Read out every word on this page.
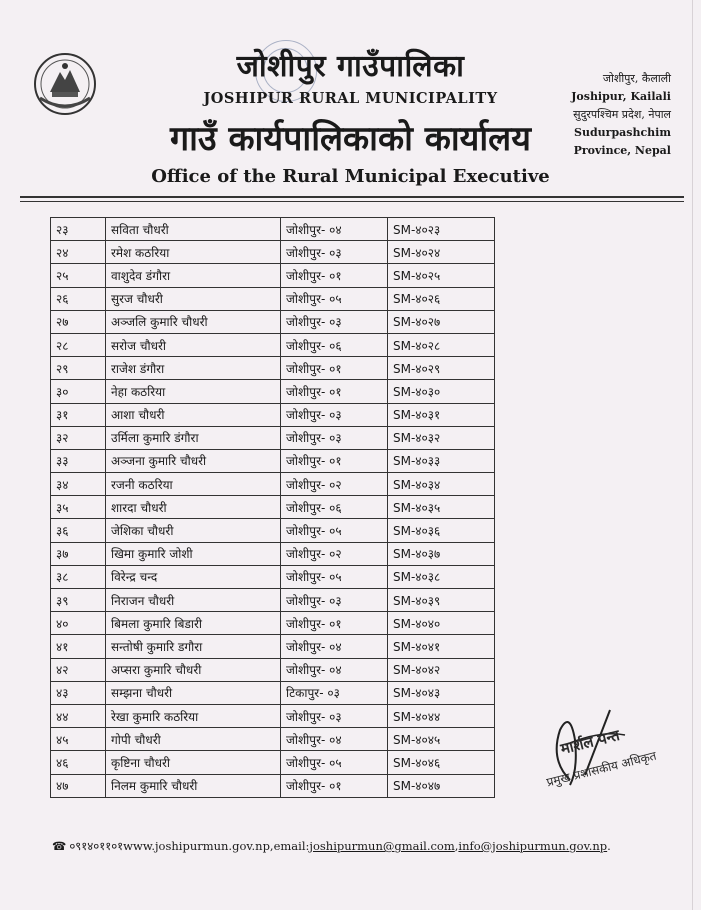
जोशीपुर गाउँपालिका
JOSHIPUR RURAL MUNICIPALITY
गाउँ कार्यपालिकाको कार्यालय
Office of the Rural Municipal Executive
जोशीपुर, कैलाली
Joshipur, Kailali
सुदुरपश्चिम प्रदेश, नेपाल
Sudurpashchim
Province, Nepal
२३	सविता चौधरी	जोशीपुर- ०४	SM-४०२३
२४	रमेश कठरिया	जोशीपुर- ०३	SM-४०२४
२५	वाशुदेव डंगौरा	जोशीपुर- ०१	SM-४०२५
२६	सुरज चौधरी	जोशीपुर- ०५	SM-४०२६
२७	अञ्जलि कुमारि चौधरी	जोशीपुर- ०३	SM-४०२७
२८	सरोज चौधरी	जोशीपुर- ०६	SM-४०२८
२९	राजेश डंगौरा	जोशीपुर- ०१	SM-४०२९
३०	नेहा कठरिया	जोशीपुर- ०१	SM-४०३०
३१	आशा चौधरी	जोशीपुर- ०३	SM-४०३१
३२	उर्मिला कुमारि डंगौरा	जोशीपुर- ०३	SM-४०३२
३३	अञ्जना कुमारि चौधरी	जोशीपुर- ०१	SM-४०३३
३४	रजनी कठरिया	जोशीपुर- ०२	SM-४०३४
३५	शारदा चौधरी	जोशीपुर- ०६	SM-४०३५
३६	जेशिका चौधरी	जोशीपुर- ०५	SM-४०३६
३७	खिमा कुमारि जोशी	जोशीपुर- ०२	SM-४०३७
३८	विरेन्द्र चन्द	जोशीपुर- ०५	SM-४०३८
३९	निराजन चौधरी	जोशीपुर- ०३	SM-४०३९
४०	बिमला कुमारि बिडारी	जोशीपुर- ०१	SM-४०४०
४१	सन्तोषी कुमारि डगौरा	जोशीपुर- ०४	SM-४०४१
४२	अप्सरा कुमारि चौधरी	जोशीपुर- ०४	SM-४०४२
४३	सम्झना चौधरी	टिकापुर- ०३	SM-४०४३
४४	रेखा कुमारि कठरिया	जोशीपुर- ०३	SM-४०४४
४५	गोपी चौधरी	जोशीपुर- ०४	SM-४०४५
४६	कृष्टिना चौधरी	जोशीपुर- ०५	SM-४०४६
४७	निलम कुमारि चौधरी	जोशीपुर- ०१	SM-४०४७
मार्शल पन्त
प्रमुख प्रशासकीय अधिकृत
☎ ०९१४०११०१www.joshipurmun.gov.np,email:joshipurmun@gmail.com,info@joshipurmun.gov.np.
